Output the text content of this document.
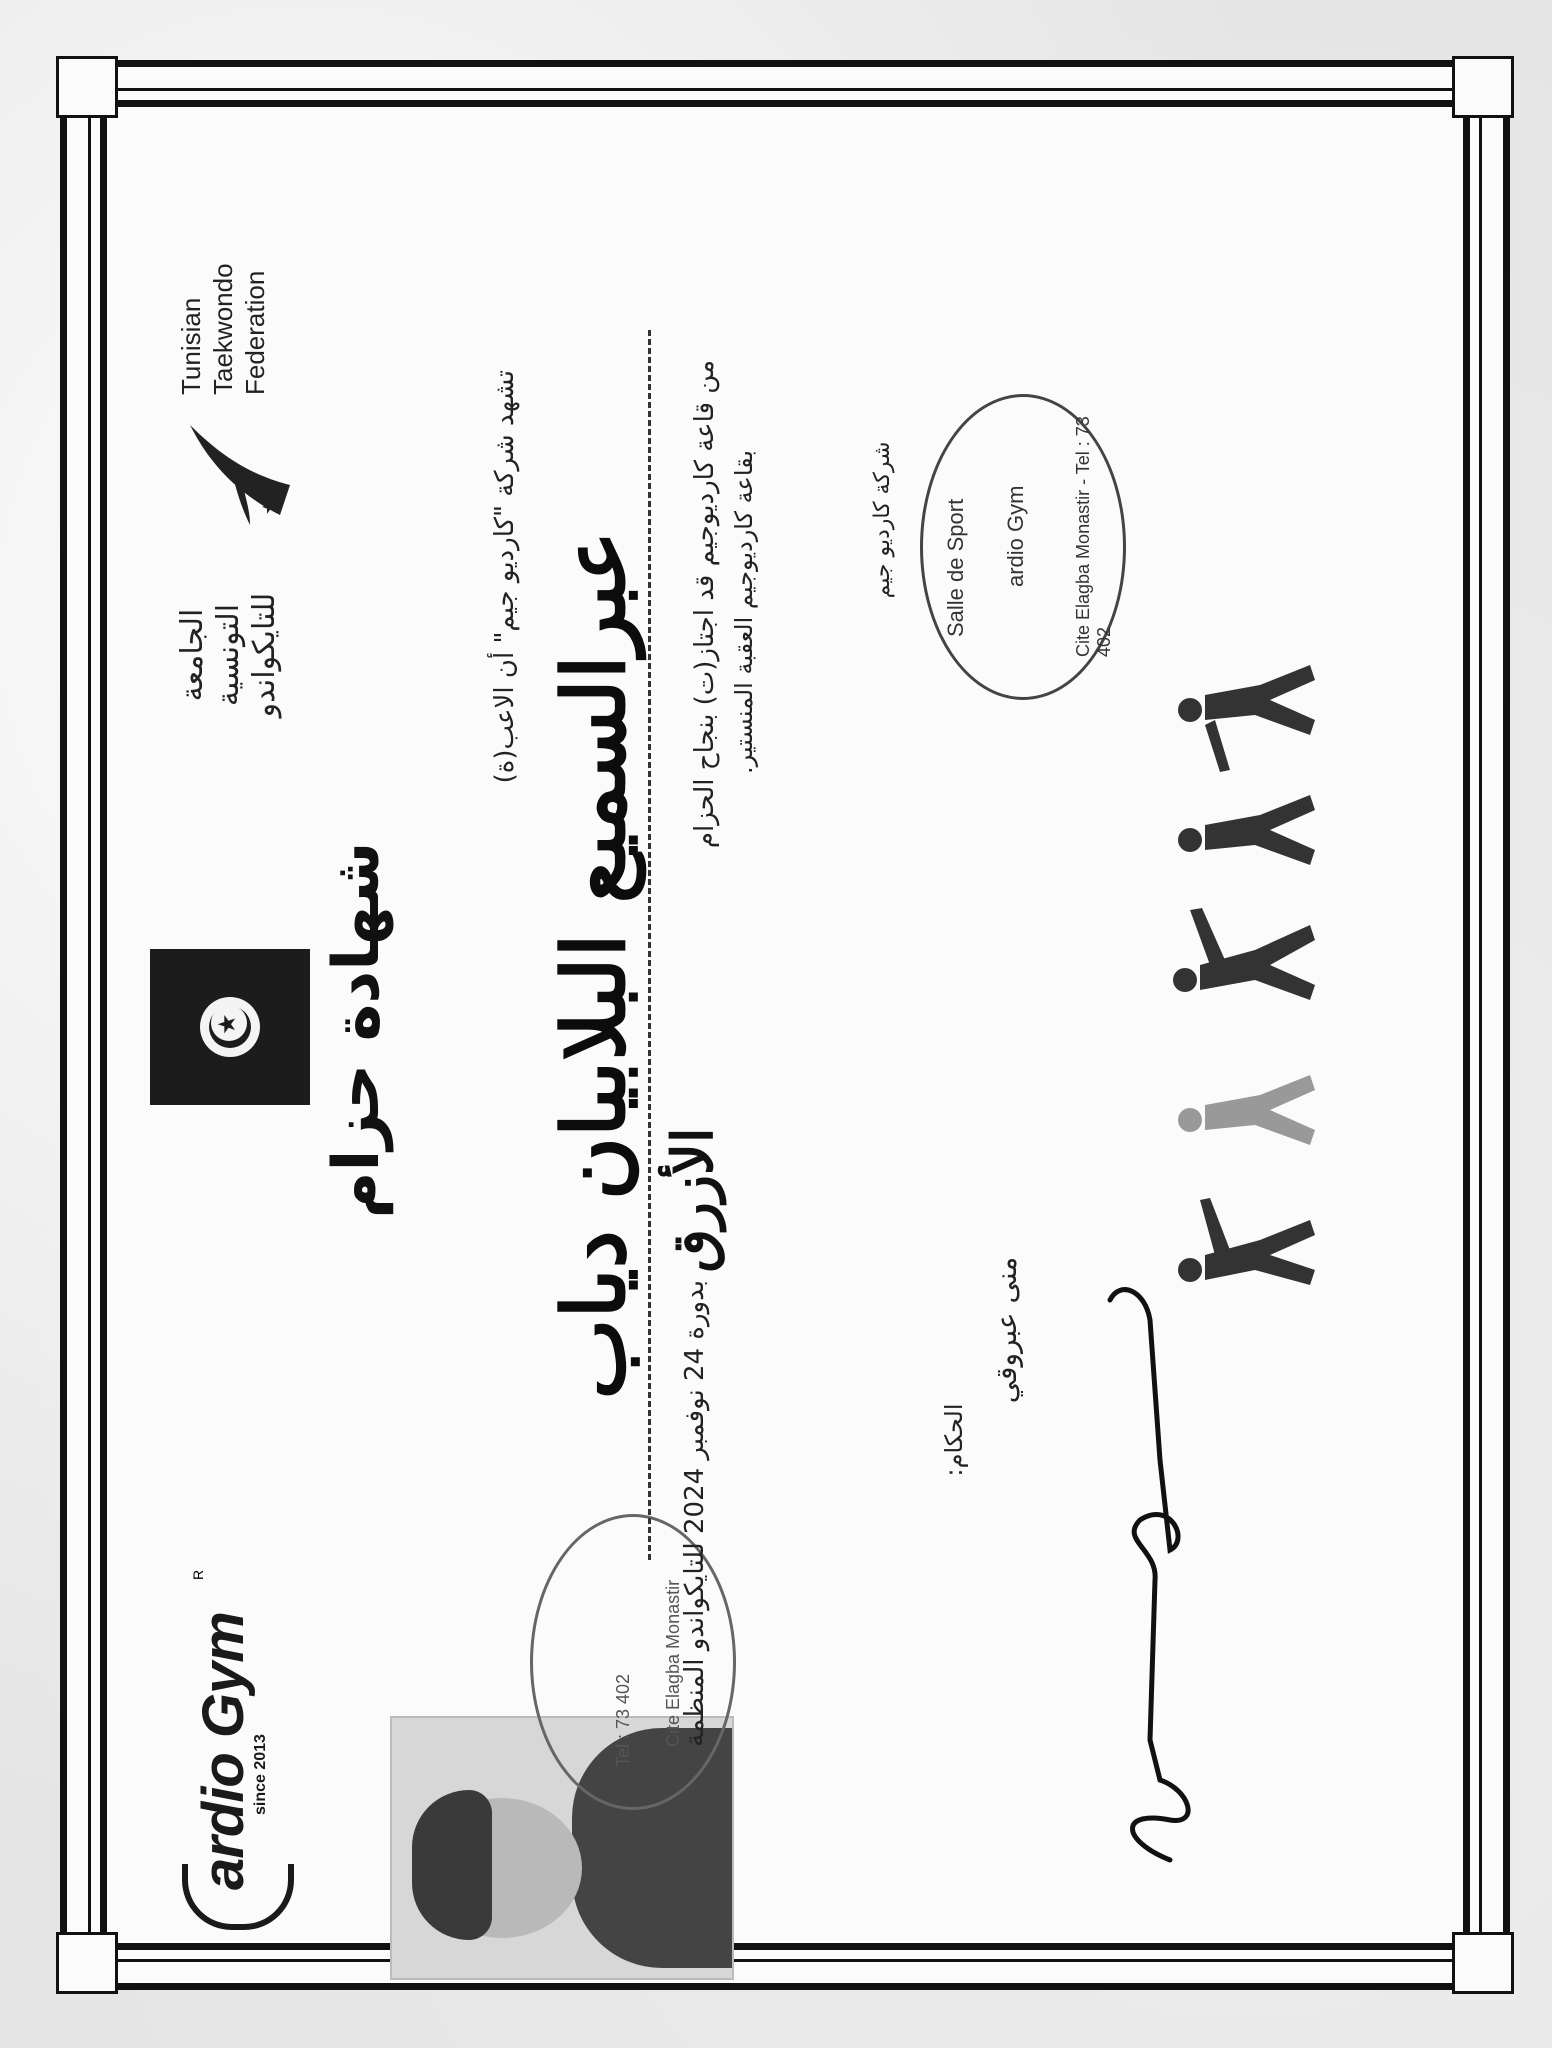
ardio Gym
since 2013
R
★
الجامعة التونسية للتايكواندو
★
Tunisian Taekwondo Federation
شهادة حزام
Tel : 73 402 Cite Elagba Monastir
تشهد شركة "كارديو جيم" أن الاعب(ة) عبرالسميع البلابيان دياب من قاعة كارديوجيم قد اجتاز(ت) بنجاح الحزام
الأزرق
بقاعة كارديوجيم العقبة المنستير.
بدورة 24 نوفمبر 2024 للتايكواندو المنظمة
Salle de Sport ardio Gym	Cite Elagba Monastir - Tel : 73 402
شركة كارديو جيم
الحكام:
منى عبروقي
